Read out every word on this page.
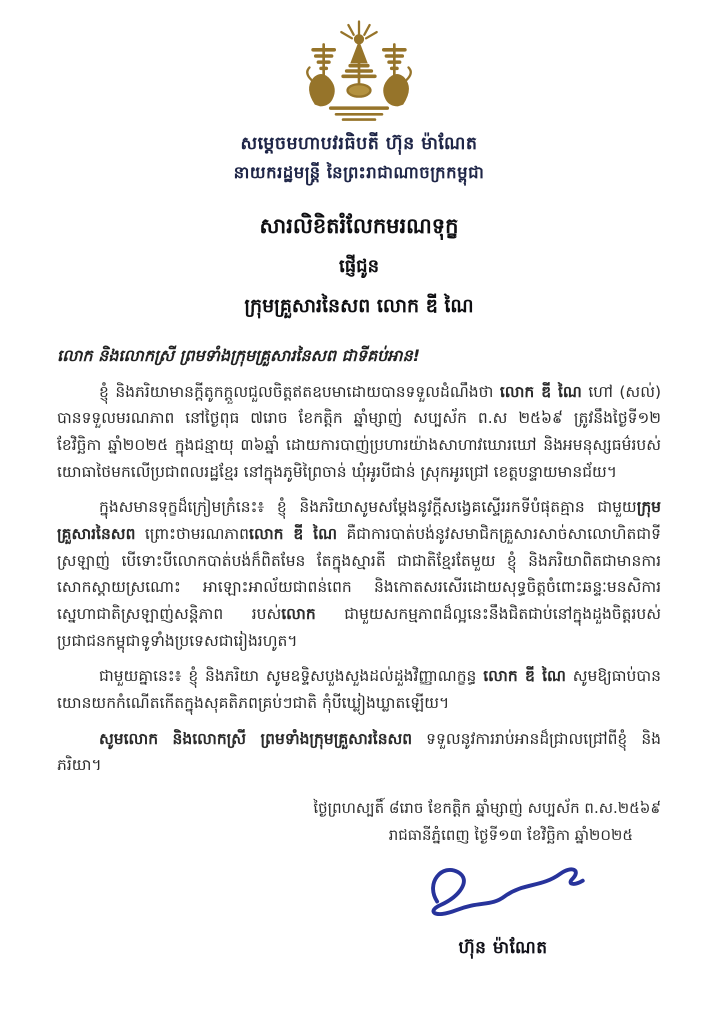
សម្តេចមហាបវរធិបតី ហ៊ុន ម៉ាណែត
នាយករដ្ឋមន្ត្រី នៃព្រះរាជាណាចក្រកម្ពុជា
សារលិខិតរំលែកមរណទុក្ខ
ផ្ញើជូន
ក្រុមគ្រួសារនៃសព លោក ឌី ណៃ
លោក និងលោកស្រី ព្រមទាំងក្រុមគ្រួសារនៃសព ជាទីគប់អាន!

ខ្ញុំ និងភរិយាមានក្តីតូកក្តួលជួលចិត្តឥតឧបមាដោយបានទទួលដំណឹងថា លោក ឌី ណៃ ហៅ (សល់) បានទទួលមរណភាព នៅថ្ងៃពុធ ៧រោច ខែកត្តិក ឆ្នាំម្សាញ់ សប្បស័ក ព.ស ២៥៦៩ ត្រូវនឹងថ្ងៃទី១២ ខែវិច្ឆិកា ឆ្នាំ២០២៥ ក្នុងជន្មាយុ ៣៦ឆ្នាំ ដោយការបាញ់ប្រហារយ៉ាងសាហាវឃោរឃៅ និងអមនុស្សធម៌របស់យោធាថៃមកលើប្រជាពលរដ្ឋខ្មែរ នៅក្នុងភូមិព្រៃចាន់ ឃុំអូរបីជាន់ ស្រុកអូរជ្រៅ ខេត្តបន្ទាយមានជ័យ។

ក្នុងសមានទុក្ខដ៏ក្រៀមក្រំនេះ៖ ខ្ញុំ និងភរិយាសូមសម្តែងនូវក្តីសង្វេគស្ទើររកទីបំផុតគ្មាន ជាមួយក្រុមគ្រួសារនៃសព ព្រោះថាមរណភាពលោក ឌី ណៃ គឺជាការបាត់បង់នូវសមាជិកគ្រួសារសាច់សាលោហិតជាទីស្រឡាញ់ បើទោះបីលោកបាត់បង់ក៏ពិតមែន តែក្នុងស្មារតី ជាជាតិខ្មែរតែមួយ ខ្ញុំ និងភរិយាពិតជាមានការសោកស្តាយស្រណោះ អាឡោះអាល័យជាពន់ពេក និងកោតសរសើរដោយសុទ្ធចិត្តចំពោះឆន្ទៈមនសិការស្នេហាជាតិស្រឡាញ់សន្តិភាព របស់លោក ជាមួយសកម្មភាពដ៏ល្អនេះនឹងជិតជាប់នៅក្នុងដួងចិត្តរបស់ប្រជាជនកម្ពុជាទូទាំងប្រទេសជារៀងរហូត។

ជាមួយគ្នានេះ៖ ខ្ញុំ និងភរិយា សូមឧទ្ទិសបួងសួងដល់ដួងវិញ្ញាណក្ខន្ធ លោក ឌី ណៃ សូមឱ្យធាប់បានយោនយកកំណើតកើតក្នុងសុគតិភពគ្រប់ៗជាតិ កុំបីឃ្លៀងឃ្លាតឡើយ។

សូមលោក និងលោកស្រី ព្រមទាំងក្រុមគ្រួសារនៃសព ទទួលនូវការរាប់អានដ៏ជ្រាលជ្រៅពីខ្ញុំ និងភរិយា។

ថ្ងៃព្រហស្បតិ៍ ៨រោច ខែកត្តិក ឆ្នាំម្សាញ់ សប្បស័ក ព.ស.២៥៦៩
រាជធានីភ្នំពេញ ថ្ងៃទី១៣ ខែវិច្ឆិកា ឆ្នាំ២០២៥
ហ៊ុន ម៉ាណែត
